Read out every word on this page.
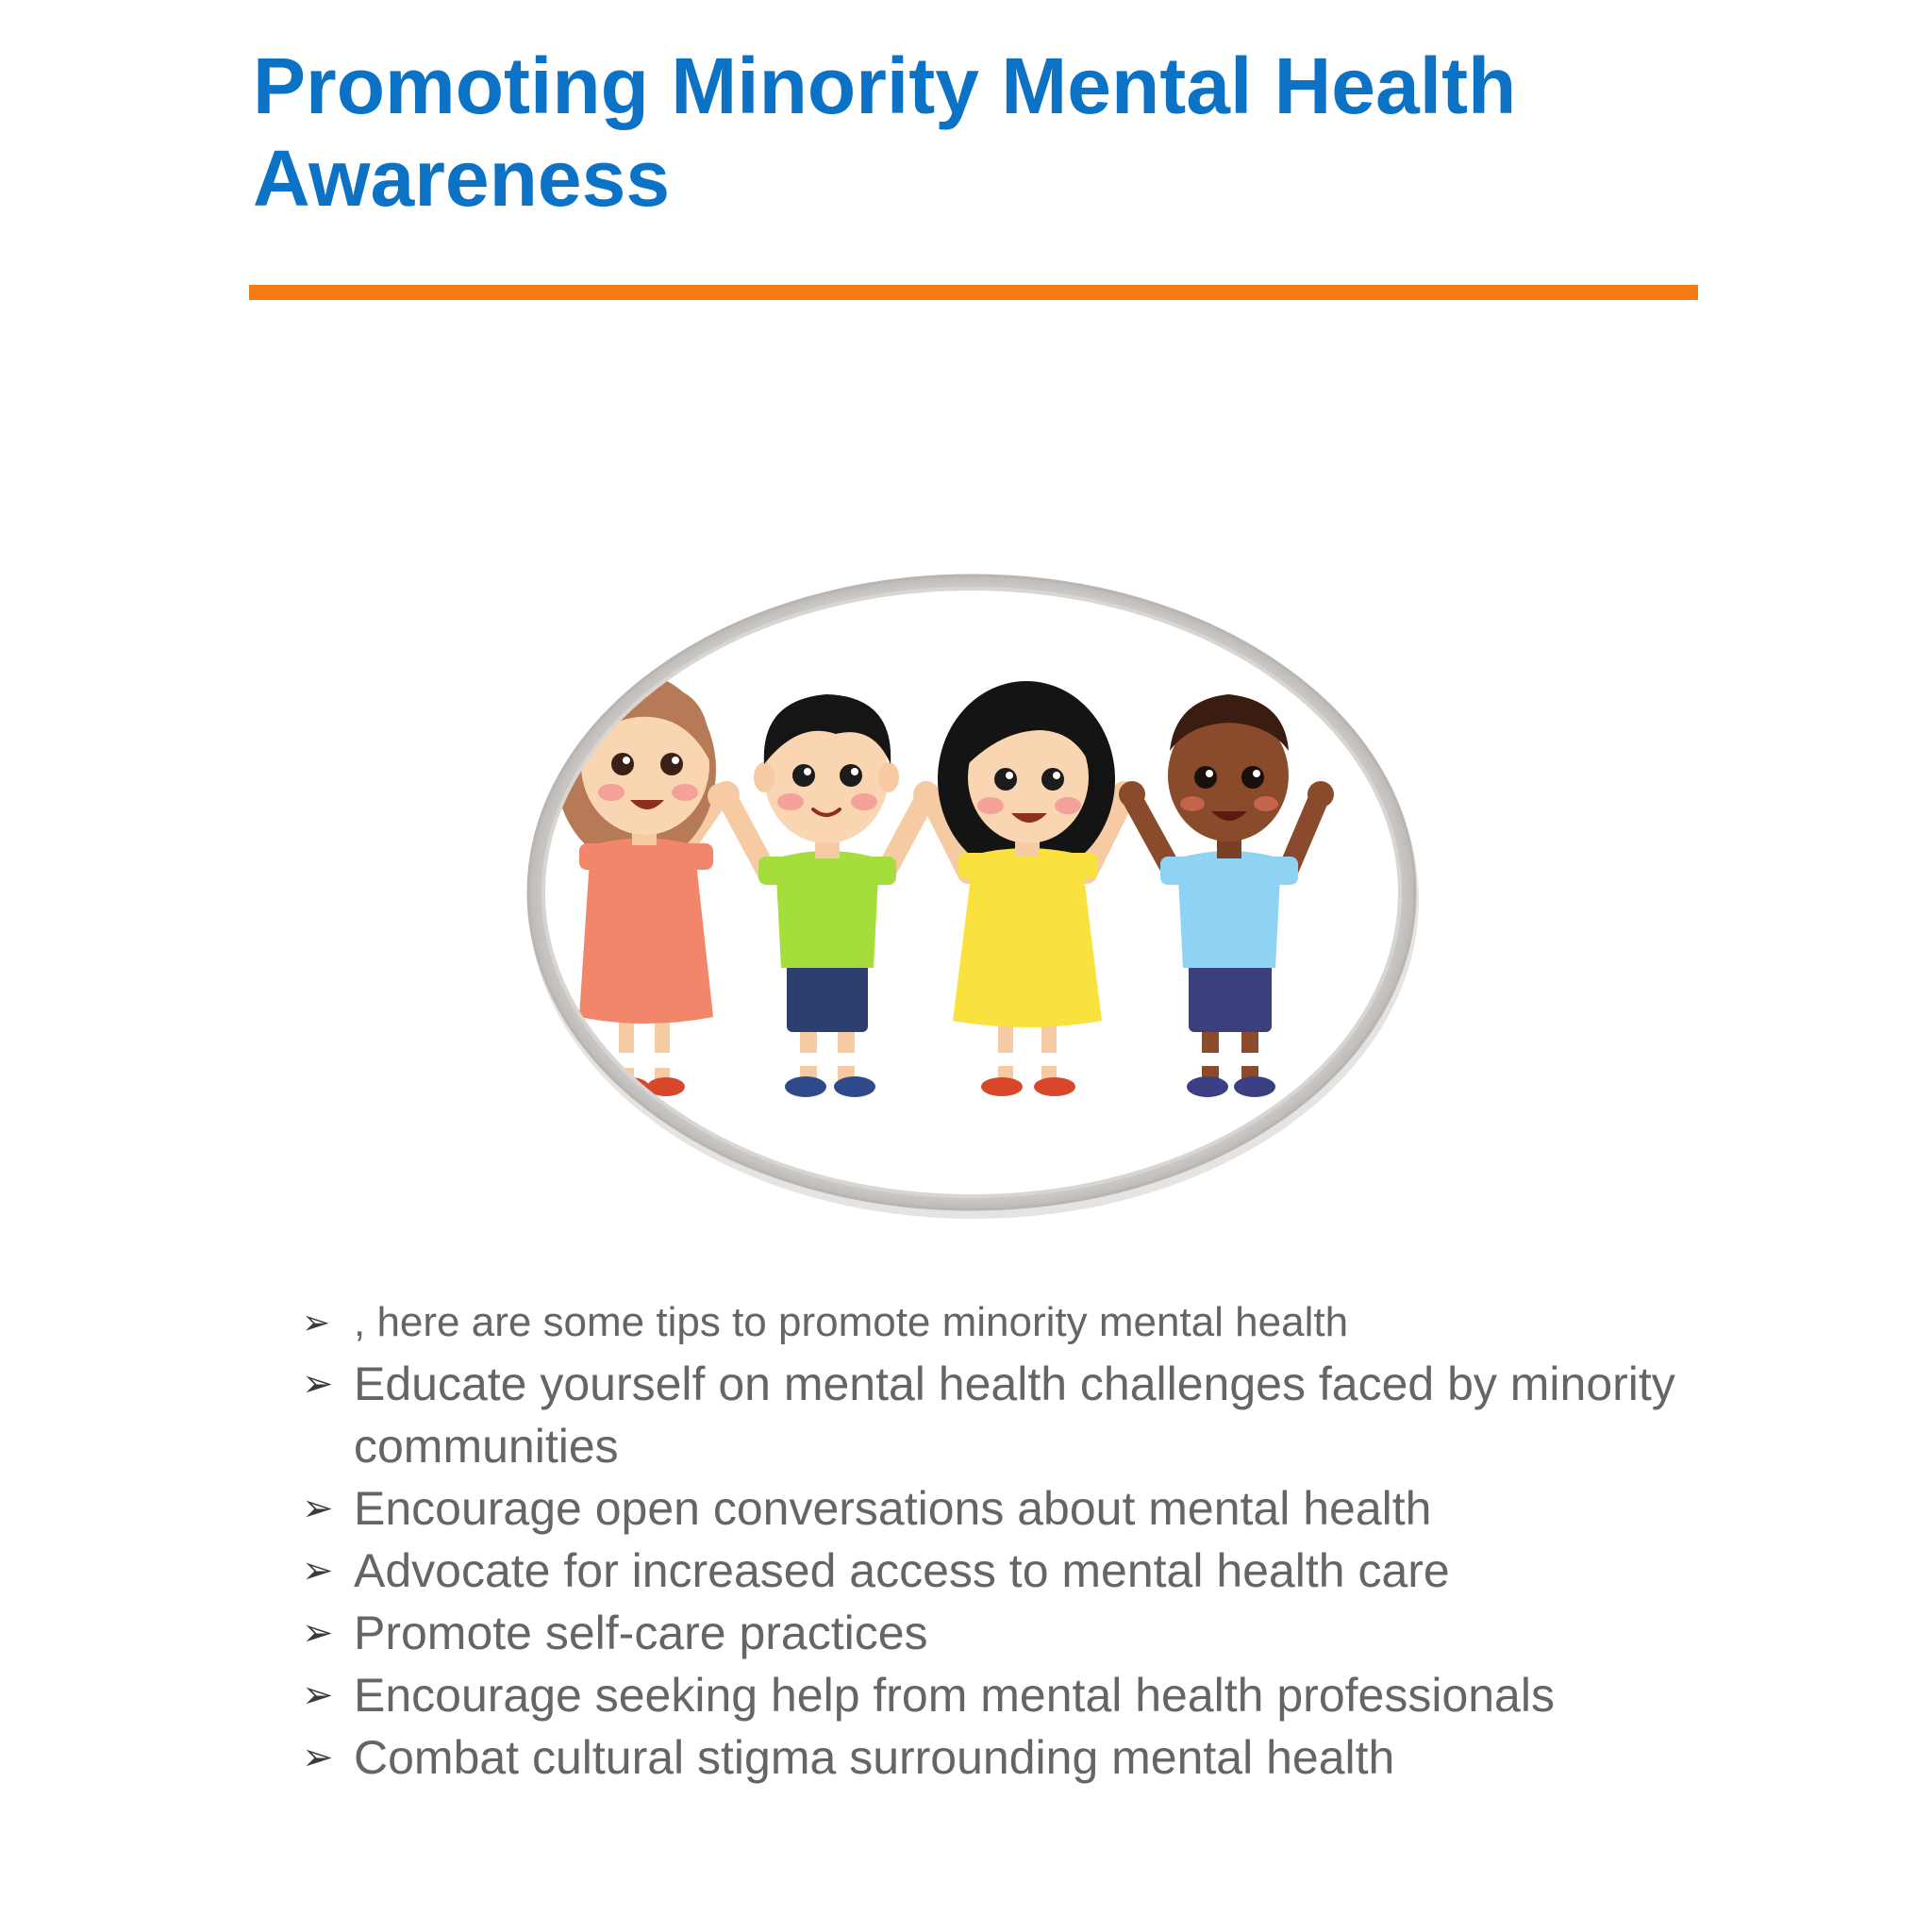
Promoting Minority Mental Health Awareness
➢ , here are some tips to promote minority mental health
➢ Educate yourself on mental health challenges faced by minority communities
➢ Encourage open conversations about mental health
➢ Advocate for increased access to mental health care
➢ Promote self-care practices
➢ Encourage seeking help from mental health professionals
➢ Combat cultural stigma surrounding mental health
